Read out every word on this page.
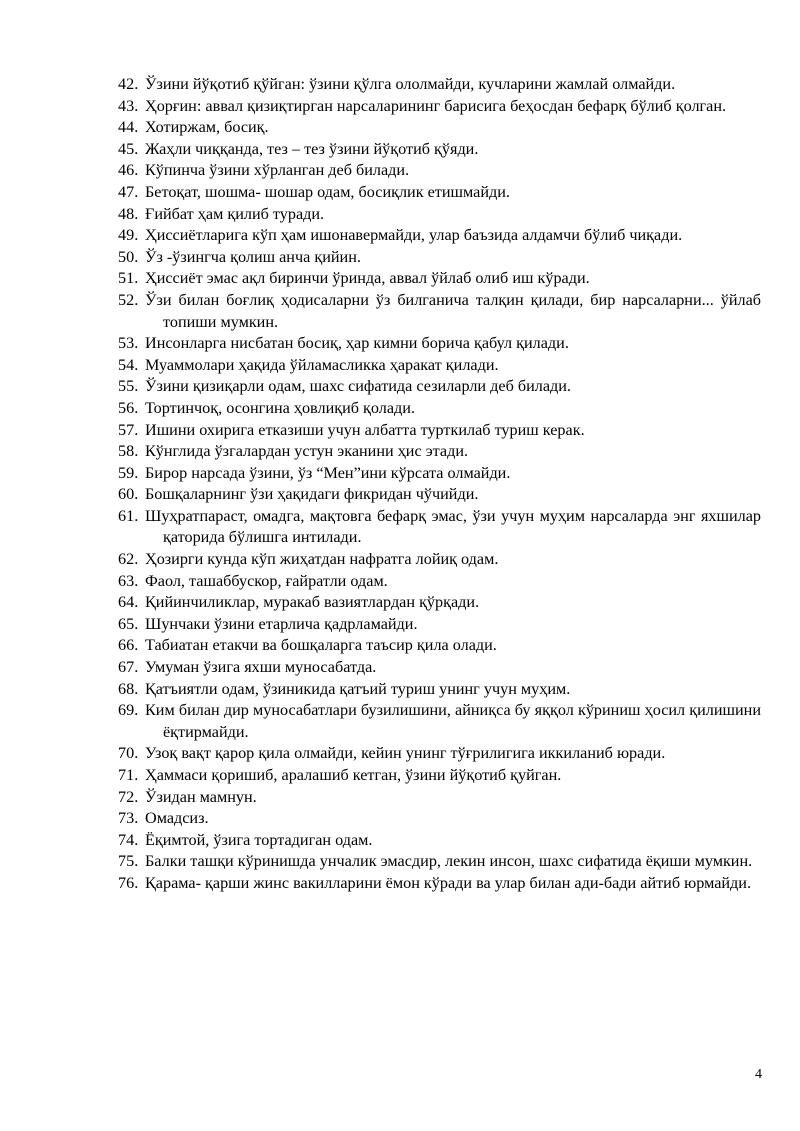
42. Ўзини йўқотиб қўйган: ўзини қўлга ололмайди, кучларини жамлай олмайди.
43. Ҳорғин: аввал қизиқтирган нарсаларининг барисига беҳосдан бефарқ бўлиб қолган.
44. Хотиржам, босиқ.
45. Жаҳли чиққанда, тез – тез ўзини йўқотиб қўяди.
46. Кўпинча ўзини хўрланган деб билади.
47. Бетоқат, шошма- шошар одам, босиқлик етишмайди.
48. Ғийбат ҳам қилиб туради.
49. Ҳиссиётларига кўп ҳам ишонавермайди, улар баъзида алдамчи бўлиб чиқади.
50. Ўз -ўзингча қолиш анча қийин.
51. Ҳиссиёт эмас ақл биринчи ўринда, аввал ўйлаб олиб иш кўради.
52. Ўзи билан боғлиқ ҳодисаларни ўз билганича талқин қилади, бир нарсаларни... ўйлаб топиши мумкин.
53. Инсонларга нисбатан босиқ, ҳар кимни борича қабул қилади.
54. Муаммолари ҳақида ўйламасликка ҳаракат қилади.
55. Ўзини қизиқарли одам, шахс сифатида сезиларли деб билади.
56. Тортинчоқ, осонгина ҳовлиқиб қолади.
57. Ишини охирига етказиши учун албатта турткилаб туриш керак.
58. Кўнглида ўзгалардан устун эканини ҳис этади.
59. Бирор нарсада ўзини, ўз “Мен”ини кўрсата олмайди.
60. Бошқаларнинг ўзи ҳақидаги фикридан чўчийди.
61. Шуҳратпараст, омадга, мақтовга бефарқ эмас, ўзи учун муҳим нарсаларда энг яхшилар қаторида бўлишга интилади.
62. Ҳозирги кунда кўп жиҳатдан нафратга лойиқ одам.
63. Фаол, ташаббускор, ғайратли одам.
64. Қийинчиликлар, муракаб вазиятлардан қўрқади.
65. Шунчаки ўзини етарлича қадрламайди.
66. Табиатан етакчи ва бошқаларга таъсир қила олади.
67. Умуман ўзига яхши муносабатда.
68. Қатъиятли одам, ўзиникида қатъий туриш унинг учун муҳим.
69. Ким билан дир муносабатлари бузилишини, айниқса бу яққол кўриниш ҳосил қилишини ёқтирмайди.
70. Узоқ вақт қарор қила олмайди, кейин унинг тўғрилигига иккиланиб юради.
71. Ҳаммаси қоришиб, аралашиб кетган, ўзини йўқотиб қуйган.
72. Ўзидан мамнун.
73. Омадсиз.
74. Ёқимтой, ўзига тортадиган одам.
75. Балки ташқи кўринишда унчалик эмасдир, лекин инсон, шахс сифатида ёқиши мумкин.
76. Қарама- қарши жинс вакилларини ёмон кўради ва улар билан ади-бади айтиб юрмайди.
4
